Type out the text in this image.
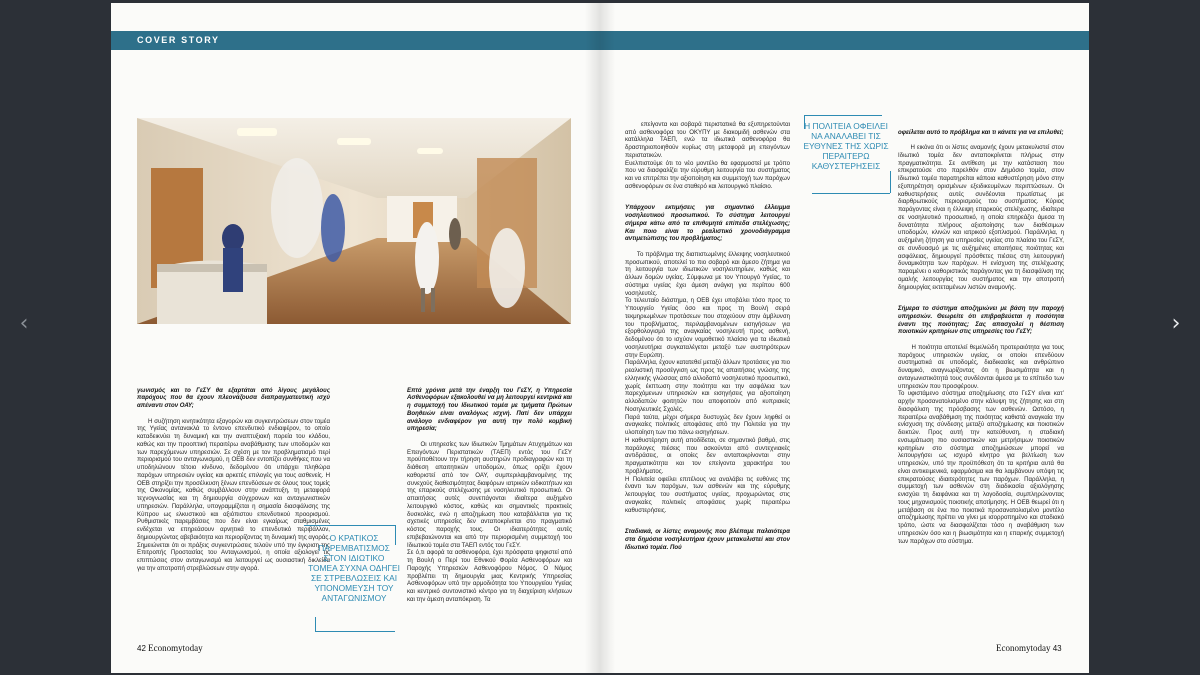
‹	›
COVER STORY

γωνισμός και το ΓεΣΥ θα εξαρτάται από λίγους μεγάλους παρόχους που θα έχουν πλεονάζουσα διαπραγματευτική ισχύ απέναντι στον ΟΑΥ;

Η συζήτηση κινητικότητα εξαγορών και συγκεντρώσεων στον τομέα της Υγείας αντανακλά το έντονο επενδυτικό ενδιαφέρον, το οποίο καταδεικνύει τη δυναμική και την αναπτυξιακή πορεία του κλάδου, καθώς και την προοπτική περαιτέρω αναβάθμισης των υποδομών και των παρεχόμενων υπηρεσιών. Σε σχέση με τον προβληματισμό περί περιορισμού του ανταγωνισμού, η ΟΕΒ δεν εντοπίζει συνθήκες που να υποδηλώνουν τέτοιο κίνδυνο, δεδομένου ότι υπάρχει πληθώρα παρόχων υπηρεσιών υγείας και αρκετές επιλογές για τους ασθενείς. Η ΟΕΒ στηρίζει την προσέλκυση ξένων επενδύσεων σε όλους τους τομείς της Οικονομίας, καθώς συμβάλλουν στην ανάπτυξη, τη μεταφορά τεχνογνωσίας και τη δημιουργία σύγχρονων και ανταγωνιστικών υπηρεσιών. Παράλληλα, υπογραμμίζεται η σημασία διασφάλισης της Κύπρου ως ελκυστικού και αξιόπιστου επενδυτικού προορισμού. Ρυθμιστικές παρεμβάσεις που δεν είναι εγκαίρως σταθμισμένες ενδέχεται να επηρεάσουν αρνητικά το επενδυτικό περιβάλλον, δημιουργώντας αβεβαιότητα και περιορίζοντας τη δυναμική της αγοράς. Σημειώνεται ότι οι πράξεις συγκεντρώσεις τελούν υπό την έγκριση της Επιτροπής Προστασίας του Ανταγωνισμού, η οποία αξιολογεί τις επιπτώσεις στον ανταγωνισμό και λειτουργεί ως ουσιαστική δικλείδα για την αποτροπή στρεβλώσεων στην αγορά.

Ο ΚΡΑΤΙΚΟΣ ΠΑΡΕΜΒΑΤΙΣΜΟΣ ΣΤΟΝ ΙΔΙΩΤΙΚΟ ΤΟΜΕΑ ΣΥΧΝΑ ΟΔΗΓΕΙ ΣΕ ΣΤΡΕΒΛΩΣΕΙΣ ΚΑΙ ΥΠΟΝΟΜΕΥΣΗ ΤΟΥ ΑΝΤΑΓΩΝΙΣΜΟΥ

Επτά χρόνια μετά την έναρξη του ΓεΣΥ, η Υπηρεσία Ασθενοφόρων εξακολουθεί να μη λειτουργεί κεντρικά και η συμμετοχή του Ιδιωτικού τομέα με τμήματα Πρώτων Βοηθειών είναι αναλόγως ισχνή. Πατί δεν υπάρχει ανάλογο ενδιαφέρον για αυτή την πολύ κομβική υπηρεσία;

Οι υπηρεσίες των Ιδιωτικών Τμημάτων Ατυχημάτων και Επειγόντων Περιστατικών (ΤΑΕΠ) εντός του ΓεΣΥ προϋποθέτουν την τήρηση αυστηρών προδιαγραφών και τη διάθεση απαιτητικών υποδομών, όπως ορίζει έχουν καθοριστεί από τον ΟΑΥ, συμπεριλαμβανομένης της συνεχούς διαθεσιμότητας διαφόρων ιατρικών ειδικοτήτων και της επαρκούς στελέχωσης με νοσηλευτικό προσωπικό. Οι απαιτήσεις αυτές συνεπάγονται ιδιαίτερα αυξημένο λειτουργικό κόστος, καθώς και σημαντικές πρακτικές δυσκολίες, ενώ η αποζημίωση που καταβάλλεται για τις σχετικές υπηρεσίες δεν ανταποκρίνεται στο πραγματικό κόστος παροχής τους. Οι ιδιαιτερότητες αυτές επιβεβαιώνονται και από την περιορισμένη συμμετοχή του Ιδιωτικού τομέα στα ΤΑΕΠ εντός του ΓεΣΥ.
Σε ό,τι αφορά τα ασθενοφόρα, έχει πρόσφατα ψηφιστεί από τη Βουλή ο Περί του Εθνικού Φορέα Ασθενοφόρων και Παροχής Υπηρεσιών Ασθενοφόρου Νόμος. Ο Νόμος προβλέπει τη δημιουργία μιας Κεντρικής Υπηρεσίας Ασθενοφόρων υπό την αρμοδιότητα του Υπουργείου Υγείας και κεντρικό συντονιστικό κέντρο για τη διαχείριση κλήσεων και την άμεση ανταπόκριση. Τα

42 Economytoday

επείγοντα και σοβαρά περιστατικά θα εξυπηρετούνται από ασθενοφόρα του ΟΚΥΠΥ με διακομιδή ασθενών στα κατάλληλα ΤΑΕΠ, ενώ τα ιδιωτικά ασθενοφόρα θα δραστηριοποιηθούν κυρίως στη μεταφορά μη επειγόντων περιστατικών.
Ευελπιστούμε ότι το νέο μοντέλο θα εφαρμοστεί με τρόπο που να διασφαλίζει την εύρυθμη λειτουργία του συστήματος και να επιτρέπει την αξιοποίηση και συμμετοχή των παρόχων ασθενοφόρων σε ένα σταθερό και λειτουργικό πλαίσιο.

Υπάρχουν εκτιμήσεις για σημαντικό έλλειμμα νοσηλευτικού προσωπικού. Το σύστημα λειτουργεί σήμερα κάτω από τα επιθυμητά επίπεδα στελέχωσης; Και ποιο είναι το ρεαλιστικό χρονοδιάγραμμα αντιμετώπισης του προβλήματος;

Το πρόβλημα της διαπιστωμένης έλλειψης νοσηλευτικού προσωπικού, αποτελεί το πιο σοβαρό και άμεσο ζήτημα για τη λειτουργία των ιδιωτικών νοσηλευτηρίων, καθώς και άλλων δομών υγείας. Σύμφωνα με τον Υπουργό Υγείας, το σύστημα υγείας έχει άμεση ανάγκη για περίπου 600 νοσηλευτές.
Το τελευταίο διάστημα, η ΟΕΒ έχει υποβάλει τόσο προς το Υπουργείο Υγείας όσο και προς τη Βουλή σειρά τεκμηριωμένων προτάσεων που στοχεύουν στην άμβλυνση του προβλήματος, περιλαμβανομένων εισηγήσεων για εξορθολογισμό της αναγκαίας νοσηλευτή προς ασθενή, δεδομένου ότι το ισχύον νομοθετικό πλαίσιο για τα ιδιωτικά νοσηλευτήρια συγκαταλέγεται μεταξύ των αυστηρότερων στην Ευρώπη.
Παράλληλα, έχουν κατατεθεί μεταξύ άλλων προτάσεις για πιο ρεαλιστική προσέγγιση ως προς τις απαιτήσεις γνώσης της ελληνικής γλώσσας από αλλοδαπό νοσηλευτικό προσωπικό, χωρίς έκπτωση στην ποιότητα και την ασφάλεια των παρεχόμενων υπηρεσιών και εισηγήσεις για αξιοποίηση αλλοδαπών φοιτητών που αποφοιτούν από κυπριακές Νοσηλευτικές Σχολές.
Παρά ταύτα, μέχρι σήμερα δυστυχώς δεν έχουν ληφθεί οι αναγκαίες πολιτικές αποφάσεις από την Πολιτεία για την υλοποίηση των πιο πάνω εισηγήσεων.
Η καθυστέρηση αυτή αποδίδεται, σε σημαντικό βαθμό, στις παράλογες πιέσεις που ασκούνται από συντεχνιακές αντιδράσεις, οι οποίες δεν ανταποκρίνονται στην πραγματικότητα και τον επείγοντα χαρακτήρα του προβλήματος.
Η Πολιτεία οφείλει επιτέλους να αναλάβει τις ευθύνες της έναντι των παρόχων, των ασθενών και της εύρυθμης λειτουργίας του συστήματος υγείας, προχωρώντας στις αναγκαίες πολιτικές αποφάσεις χωρίς περαιτέρω καθυστερήσεις.

Σταδιακά, οι λίστες αναμονής που βλέπαμε παλαιότερα στα δημόσια νοσηλευτήρια έχουν μετακυλιστεί και στον Ιδιωτικό τομέα. Πού

Η ΠΟΛΙΤΕΙΑ ΟΦΕΙΛΕΙ ΝΑ ΑΝΑΛΑΒΕΙ ΤΙΣ ΕΥΘΥΝΕΣ ΤΗΣ ΧΩΡΙΣ ΠΕΡΑΙΤΕΡΩ ΚΑΘΥΣΤΕΡΗΣΕΙΣ

οφείλεται αυτό το πρόβλημα και τι κάνετε για να επιλυθεί;

Η εικόνα ότι οι λίστες αναμονής έχουν μετακυλιστεί στον Ιδιωτικό τομέα δεν ανταποκρίνεται πλήρως στην πραγματικότητα. Σε αντίθεση με την κατάσταση που επικρατούσε στο παρελθόν στον Δημόσιο τομέα, στον Ιδιωτικό τομέα παρατηρείται κάποια καθυστέρηση μόνο στην εξυπηρέτηση ορισμένων εξειδικευμένων περιπτώσεων. Οι καθυστερήσεις αυτές συνδέονται πρωτίστως με διαρθρωτικούς περιορισμούς του συστήματος. Κύριος παράγοντας είναι η έλλειψη επαρκούς στελέχωσης, ιδιαίτερα σε νοσηλευτικό προσωπικό, η οποία επηρεάζει άμεσα τη δυνατότητα πλήρους αξιοποίησης των διαθέσιμων υποδομών, κλινών και ιατρικού εξοπλισμού. Παράλληλα, η αυξημένη ζήτηση για υπηρεσίες υγείας στο πλαίσιο του ΓεΣΥ, σε συνδυασμό με τις αυξημένες απαιτήσεις ποιότητας και ασφάλειας, δημιουργεί πρόσθετες πιέσεις στη λειτουργική δυναμικότητα των παρόχων. Η ενίσχυση της στελέχωσης παραμένει ο καθοριστικός παράγοντας για τη διασφάλιση της ομαλής λειτουργίας του συστήματος και την αποτροπή δημιουργίας εκτεταμένων λιστών αναμονής.

Σήμερα το σύστημα αποζημιώνει με βάση την παροχή υπηρεσιών. Θεωρείτε ότι επιβραβεύεται η ποσότητα έναντι της ποιότητας; Σας απασχολεί η θέσπιση ποιοτικών κριτηρίων στις υπηρεσίες του ΓεΣΥ;

Η ποιότητα αποτελεί θεμελιώδη προτεραιότητα για τους παρόχους υπηρεσιών υγείας, οι οποίοι επενδύουν συστηματικά σε υποδομές, διαδικασίες και ανθρώπινο δυναμικό, αναγνωρίζοντας ότι η βιωσιμότητα και η ανταγωνιστικότητά τους συνδέονται άμεσα με το επίπεδο των υπηρεσιών που προσφέρουν.
Το υφιστάμενο σύστημα αποζημίωσης στο ΓεΣΥ είναι κατ’ αρχήν προσανατολισμένο στην κάλυψη της ζήτησης και στη διασφάλιση της πρόσβασης των ασθενών. Ωστόσο, η περαιτέρω αναβάθμιση της ποιότητας καθιστά αναγκαία την ενίσχυση της σύνδεσης μεταξύ αποζημίωσης και ποιοτικών δεικτών. Προς αυτή την κατεύθυνση, η σταδιακή ενσωμάτωση πιο ουσιαστικών και μετρήσιμων ποιοτικών κριτηρίων στο σύστημα αποζημιώσεων μπορεί να λειτουργήσει ως ισχυρό κίνητρο για βελτίωση των υπηρεσιών, υπό την προϋπόθεση ότι τα κριτήρια αυτά θα είναι αντικειμενικά, εφαρμόσιμα και θα λαμβάνουν υπόψη τις επικρατούσες ιδιαιτερότητες των παρόχων. Παράλληλα, η συμμετοχή των ασθενών στη διαδικασία αξιολόγησης ενισχύει τη διαφάνεια και τη λογοδοσία, συμπληρώνοντας τους μηχανισμούς ποιοτικής αποτίμησης. Η ΟΕΒ θεωρεί ότι η μετάβαση σε ένα πιο ποιοτικά προσανατολισμένο μοντέλο αποζημίωσης πρέπει να γίνει με ισορροπημένο και σταδιακό τρόπο, ώστε να διασφαλίζεται τόσο η αναβάθμιση των υπηρεσιών όσο και η βιωσιμότητα και η επαρκής συμμετοχή των παρόχων στο σύστημα.

Economytoday 43
